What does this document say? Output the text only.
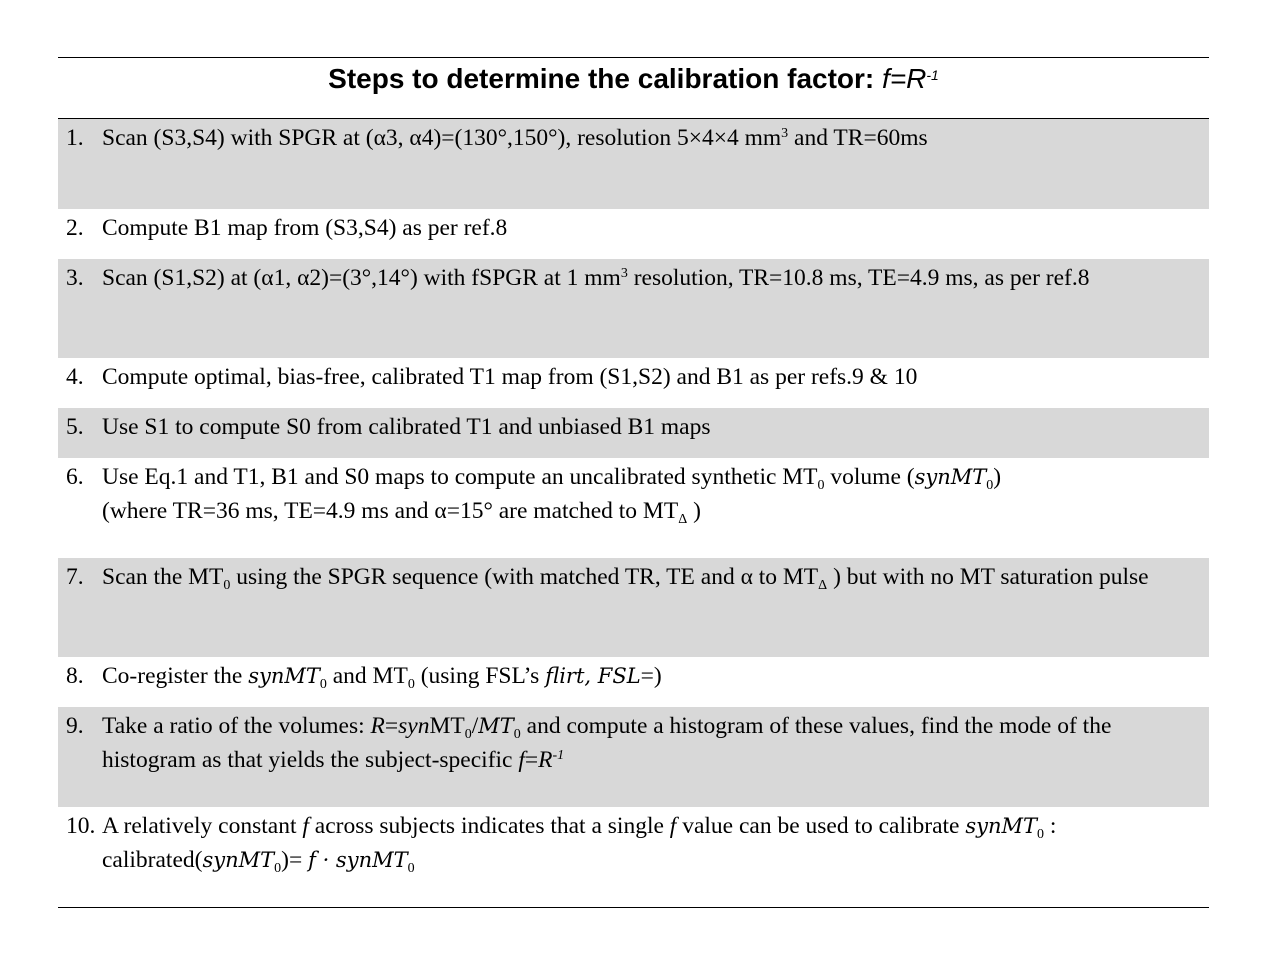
Steps to determine the calibration factor: $f=R^{-1}$
1. Scan (S3,S4) with SPGR at (α3, α4)=(130°,150°), resolution 5×4×4 $mm^3$ and TR=60ms
2. Compute B1 map from (S3,S4) as per ref.8
3. Scan (S1,S2) at (α1, α2)=(3°,14°) with fSPGR at 1 $mm^3$ resolution, TR=10.8 ms, TE=4.9 ms, as per ref.8
4. Compute optimal, bias-free, calibrated T1 map from (S1,S2) and B1 as per refs.9 & 10
5. Use S1 to compute S0 from calibrated T1 and unbiased B1 maps
6. Use Eq.1 and T1, B1 and S0 maps to compute an uncalibrated synthetic $MT_0$ volume (synMT$_0$)
(where TR=36 ms, TE=4.9 ms and α=15° are matched to $MT_\Delta$ )
7. Scan the $MT_0$ using the SPGR sequence (with matched TR, TE and α to $MT_\Delta$ ) but with no MT saturation pulse
8. Co-register the synMT$_0$ and $MT_0$ (using FSL’s flirt, FSL=)
9. Take a ratio of the volumes: $R=synMT_0/MT_0$ and compute a histogram of these values, find the mode of the histogram as that yields the subject-specific $f=R^{-1}$
10. A relatively constant f across subjects indicates that a single f value can be used to calibrate synMT$_0$ :
calibrated(synMT$_0$)= f · synMT$_0$
